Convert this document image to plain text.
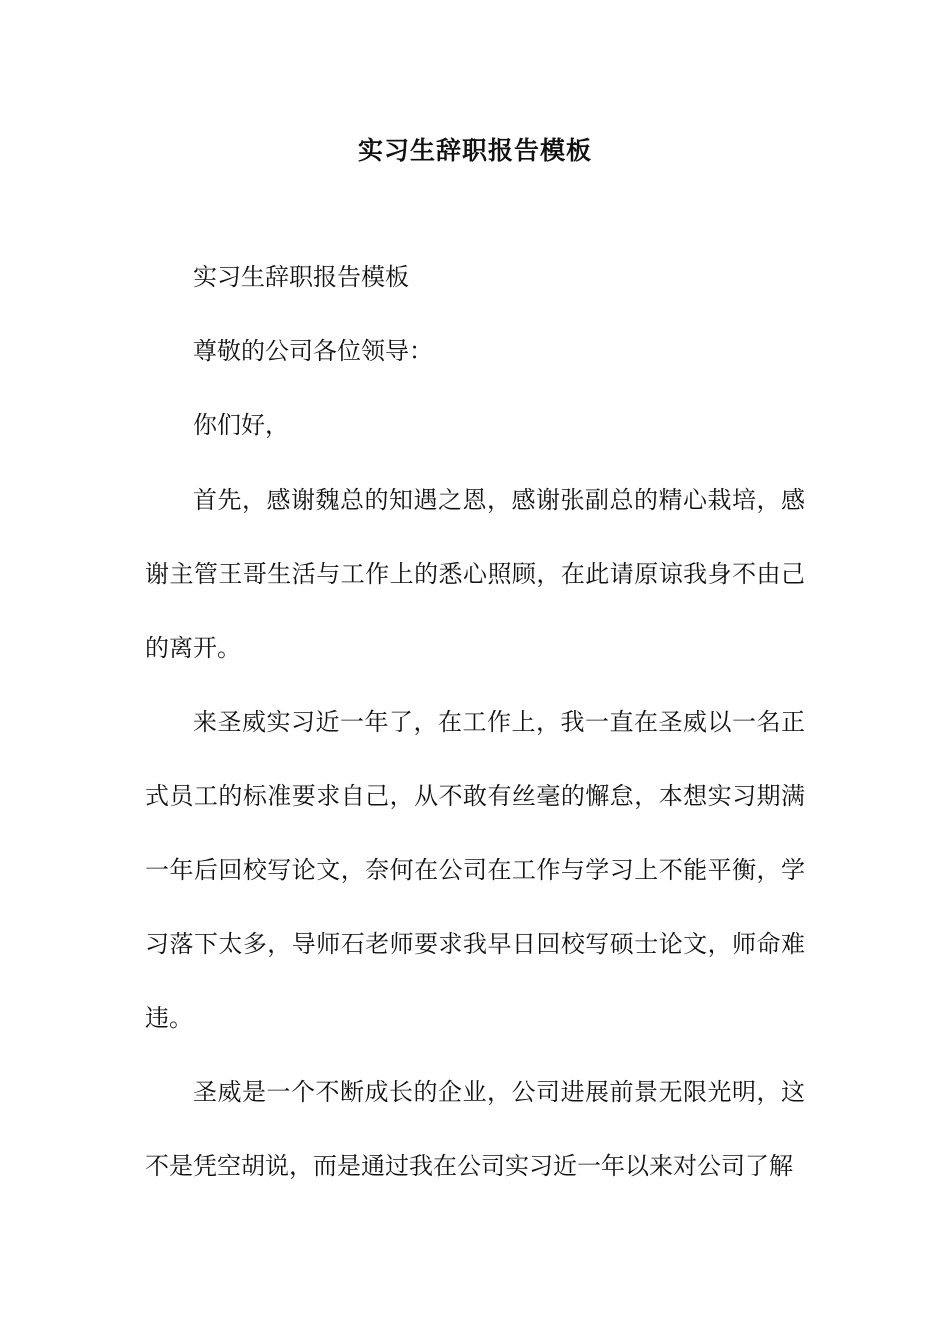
实习生辞职报告模板

实习生辞职报告模板

尊敬的公司各位领导：

你们好，

首先，感谢魏总的知遇之恩，感谢张副总的精心栽培，感谢主管王哥生活与工作上的悉心照顾，在此请原谅我身不由己的离开。

来圣威实习近一年了，在工作上，我一直在圣威以一名正式员工的标准要求自己，从不敢有丝毫的懈怠，本想实习期满一年后回校写论文，奈何在公司在工作与学习上不能平衡，学习落下太多，导师石老师要求我早日回校写硕士论文，师命难违。

圣威是一个不断成长的企业，公司进展前景无限光明，这不是凭空胡说，而是通过我在公司实习近一年以来对公司了解
